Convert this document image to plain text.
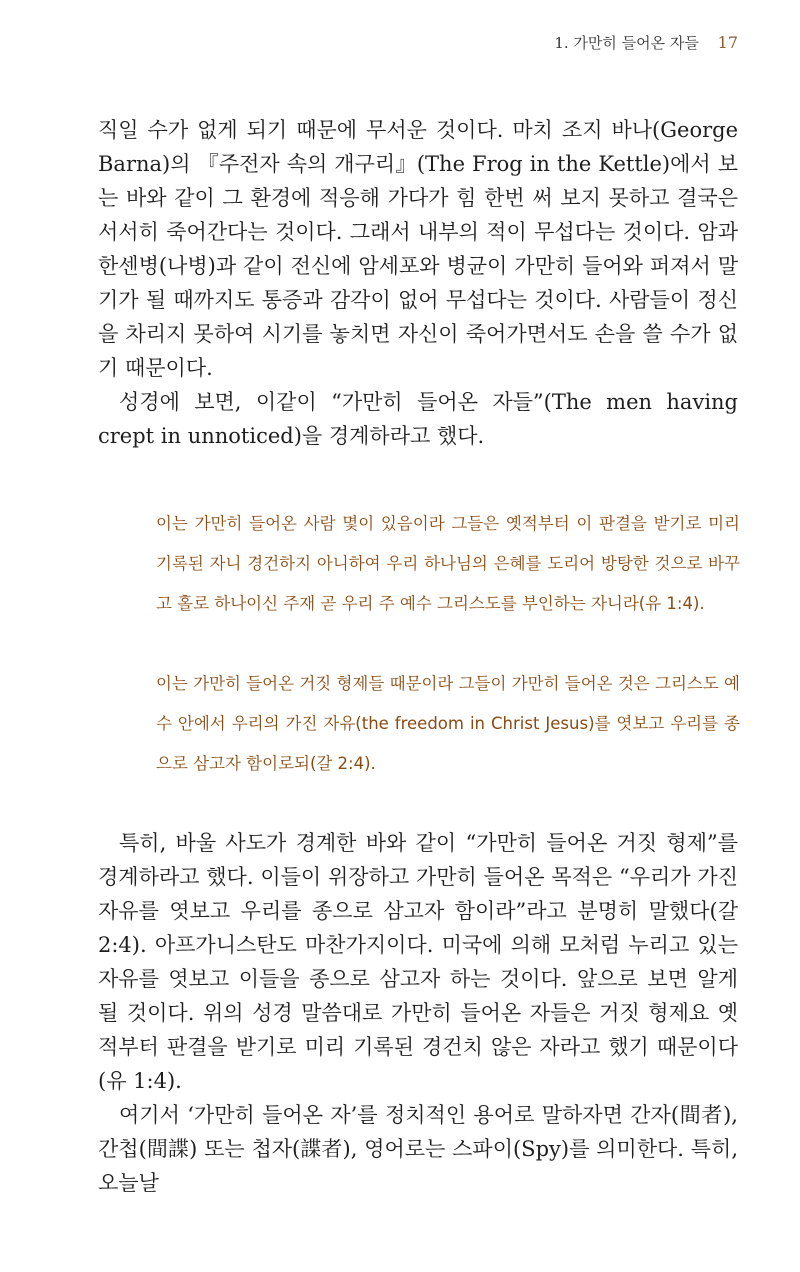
1. 가만히 들어온 자들 17

직일 수가 없게 되기 때문에 무서운 것이다. 마치 조지 바나(George Barna)의 『주전자 속의 개구리』(The Frog in the Kettle)에서 보는 바와 같이 그 환경에 적응해 가다가 힘 한번 써 보지 못하고 결국은 서서히 죽어간다는 것이다. 그래서 내부의 적이 무섭다는 것이다. 암과 한센병(나병)과 같이 전신에 암세포와 병균이 가만히 들어와 퍼져서 말기가 될 때까지도 통증과 감각이 없어 무섭다는 것이다. 사람들이 정신을 차리지 못하여 시기를 놓치면 자신이 죽어가면서도 손을 쓸 수가 없기 때문이다.

성경에 보면, 이같이 “가만히 들어온 자들”(The men having crept in unnoticed)을 경계하라고 했다.

이는 가만히 들어온 사람 몇이 있음이라 그들은 옛적부터 이 판결을 받기로 미리 기록된 자니 경건하지 아니하여 우리 하나님의 은혜를 도리어 방탕한 것으로 바꾸고 홀로 하나이신 주재 곧 우리 주 예수 그리스도를 부인하는 자니라(유 1:4).

이는 가만히 들어온 거짓 형제들 때문이라 그들이 가만히 들어온 것은 그리스도 예수 안에서 우리의 가진 자유(the freedom in Christ Jesus)를 엿보고 우리를 종으로 삼고자 함이로되(갈 2:4).

특히, 바울 사도가 경계한 바와 같이 “가만히 들어온 거짓 형제”를 경계하라고 했다. 이들이 위장하고 가만히 들어온 목적은 “우리가 가진 자유를 엿보고 우리를 종으로 삼고자 함이라”라고 분명히 말했다(갈 2:4). 아프가니스탄도 마찬가지이다. 미국에 의해 모처럼 누리고 있는 자유를 엿보고 이들을 종으로 삼고자 하는 것이다. 앞으로 보면 알게 될 것이다. 위의 성경 말씀대로 가만히 들어온 자들은 거짓 형제요 옛적부터 판결을 받기로 미리 기록된 경건치 않은 자라고 했기 때문이다(유 1:4).

여기서 ‘가만히 들어온 자’를 정치적인 용어로 말하자면 간자(間者), 간첩(間諜) 또는 첩자(諜者), 영어로는 스파이(Spy)를 의미한다. 특히, 오늘날
